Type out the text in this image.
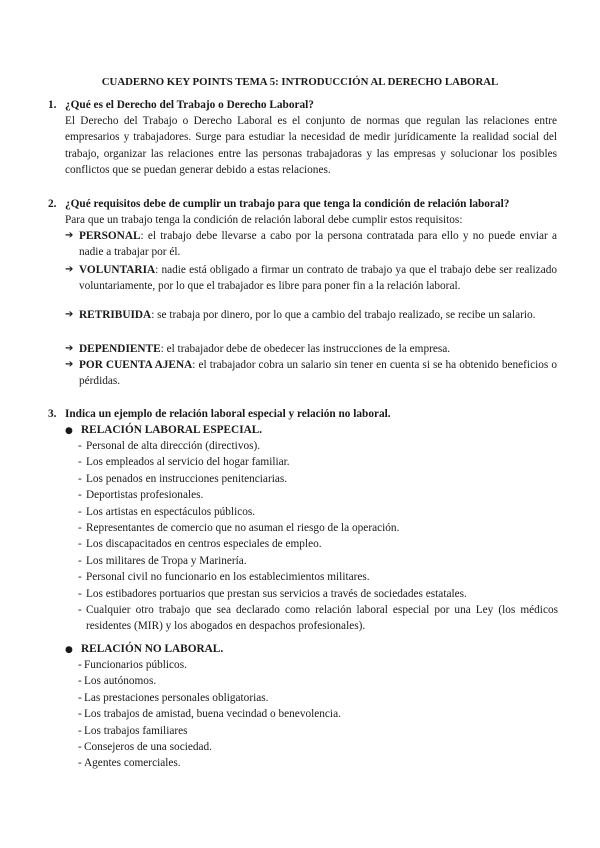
CUADERNO KEY POINTS TEMA 5: INTRODUCCIÓN AL DERECHO LABORAL
1. ¿Qué es el Derecho del Trabajo o Derecho Laboral?
El Derecho del Trabajo o Derecho Laboral es el conjunto de normas que regulan las relaciones entre empresarios y trabajadores. Surge para estudiar la necesidad de medir jurídicamente la realidad social del trabajo, organizar las relaciones entre las personas trabajadoras y las empresas y solucionar los posibles conflictos que se puedan generar debido a estas relaciones.
2. ¿Qué requisitos debe de cumplir un trabajo para que tenga la condición de relación laboral?
Para que un trabajo tenga la condición de relación laboral debe cumplir estos requisitos:
➔ PERSONAL: el trabajo debe llevarse a cabo por la persona contratada para ello y no puede enviar a nadie a trabajar por él.
➔ VOLUNTARIA: nadie está obligado a firmar un contrato de trabajo ya que el trabajo debe ser realizado voluntariamente, por lo que el trabajador es libre para poner fin a la relación laboral.
➔ RETRIBUIDA: se trabaja por dinero, por lo que a cambio del trabajo realizado, se recibe un salario.
➔ DEPENDIENTE: el trabajador debe de obedecer las instrucciones de la empresa.
➔ POR CUENTA AJENA: el trabajador cobra un salario sin tener en cuenta si se ha obtenido beneficios o pérdidas.
3. Indica un ejemplo de relación laboral especial y relación no laboral.
● RELACIÓN LABORAL ESPECIAL.
- Personal de alta dirección (directivos).
- Los empleados al servicio del hogar familiar.
- Los penados en instrucciones penitenciarias.
- Deportistas profesionales.
- Los artistas en espectáculos públicos.
- Representantes de comercio que no asuman el riesgo de la operación.
- Los discapacitados en centros especiales de empleo.
- Los militares de Tropa y Marinería.
- Personal civil no funcionario en los establecimientos militares.
- Los estibadores portuarios que prestan sus servicios a través de sociedades estatales.
- Cualquier otro trabajo que sea declarado como relación laboral especial por una Ley (los médicos residentes (MIR) y los abogados en despachos profesionales).
● RELACIÓN NO LABORAL.
- Funcionarios públicos.
- Los autónomos.
- Las prestaciones personales obligatorias.
- Los trabajos de amistad, buena vecindad o benevolencia.
- Los trabajos familiares
- Consejeros de una sociedad.
- Agentes comerciales.
